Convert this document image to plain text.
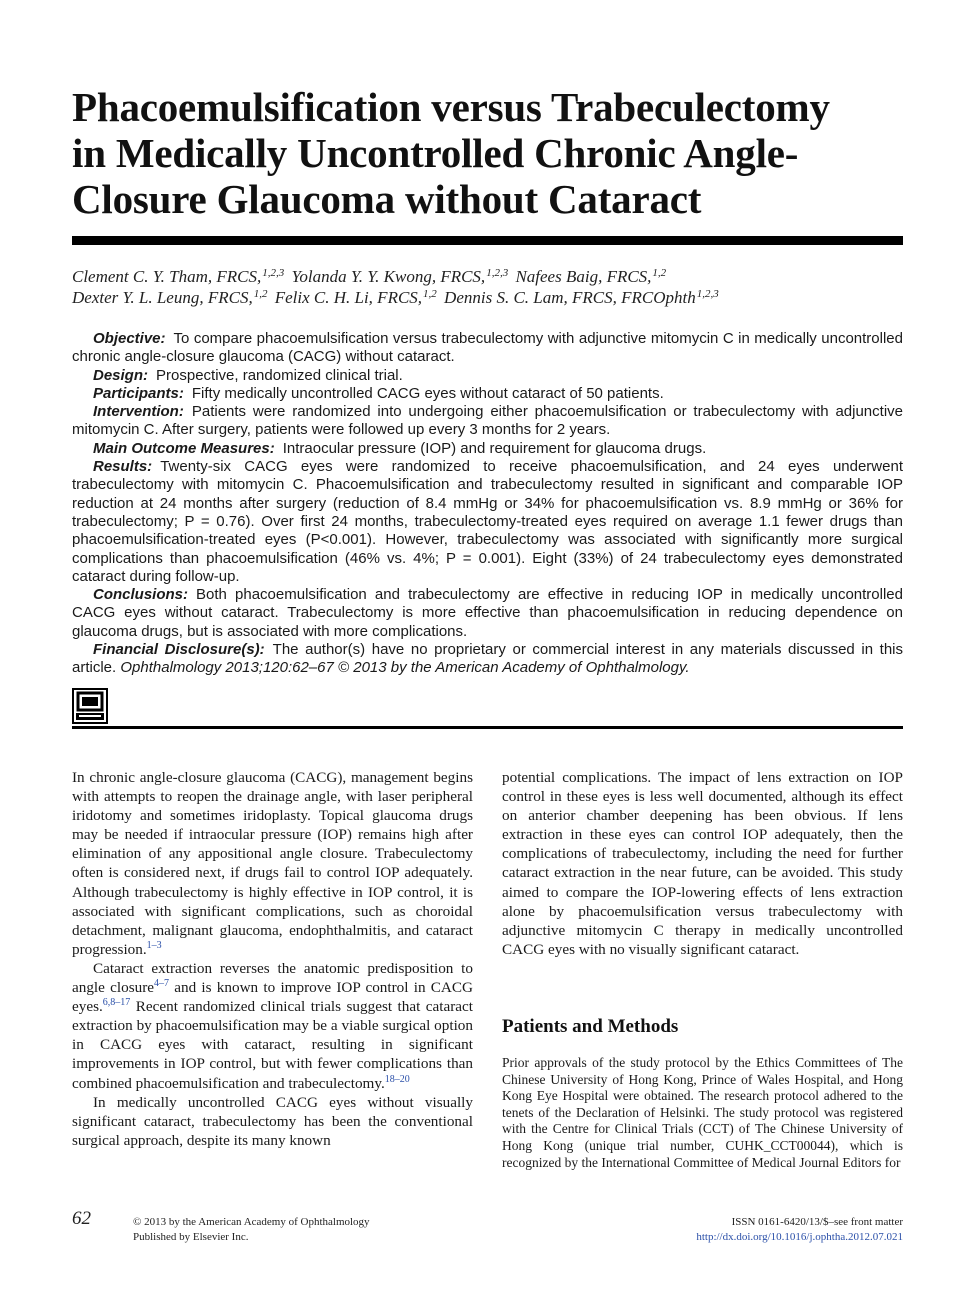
Phacoemulsification versus Trabeculectomy
in Medically Uncontrolled Chronic Angle-
Closure Glaucoma without Cataract
Clement C. Y. Tham, FRCS,$^{1,2,3}$ Yolanda Y. Y. Kwong, FRCS,$^{1,2,3}$ Nafees Baig, FRCS,$^{1,2}$
Dexter Y. L. Leung, FRCS,$^{1,2}$ Felix C. H. Li, FRCS,$^{1,2}$ Dennis S. C. Lam, FRCS, FRCOphth$^{1,2,3}$

Objective: To compare phacoemulsification versus trabeculectomy with adjunctive mitomycin C in medically uncontrolled chronic angle-closure glaucoma (CACG) without cataract.

Design: Prospective, randomized clinical trial.

Participants: Fifty medically uncontrolled CACG eyes without cataract of 50 patients.

Intervention: Patients were randomized into undergoing either phacoemulsification or trabeculectomy with adjunctive mitomycin C. After surgery, patients were followed up every 3 months for 2 years.

Main Outcome Measures: Intraocular pressure (IOP) and requirement for glaucoma drugs.

Results: Twenty-six CACG eyes were randomized to receive phacoemulsification, and 24 eyes underwent trabeculectomy with mitomycin C. Phacoemulsification and trabeculectomy resulted in significant and comparable IOP reduction at 24 months after surgery (reduction of 8.4 mmHg or 34% for phacoemulsification vs. 8.9 mmHg or 36% for trabeculectomy; P = 0.76). Over first 24 months, trabeculectomy-treated eyes required on average 1.1 fewer drugs than phacoemulsification-treated eyes (P<0.001). However, trabeculectomy was associated with significantly more surgical complications than phacoemulsification (46% vs. 4%; P = 0.001). Eight (33%) of 24 trabeculectomy eyes demonstrated cataract during follow-up.

Conclusions: Both phacoemulsification and trabeculectomy are effective in reducing IOP in medically uncontrolled CACG eyes without cataract. Trabeculectomy is more effective than phacoemulsification in reducing dependence on glaucoma drugs, but is associated with more complications.

Financial Disclosure(s): The author(s) have no proprietary or commercial interest in any materials discussed in this article. Ophthalmology 2013;120:62–67 © 2013 by the American Academy of Ophthalmology.

In chronic angle-closure glaucoma (CACG), management begins with attempts to reopen the drainage angle, with laser peripheral iridotomy and sometimes iridoplasty. Topical glaucoma drugs may be needed if intraocular pressure (IOP) remains high after elimination of any appositional angle closure. Trabeculectomy often is considered next, if drugs fail to control IOP adequately. Although trabeculectomy is highly effective in IOP control, it is associated with significant complications, such as choroidal detachment, malignant glaucoma, endophthalmitis, and cataract progression.$^{1-3}$

Cataract extraction reverses the anatomic predisposition to angle closure$^{4-7}$ and is known to improve IOP control in CACG eyes.$^{6,8-17}$ Recent randomized clinical trials suggest that cataract extraction by phacoemulsification may be a viable surgical option in CACG eyes with cataract, resulting in significant improvements in IOP control, but with fewer complications than combined phacoemulsification and trabeculectomy.$^{18-20}$

In medically uncontrolled CACG eyes without visually significant cataract, trabeculectomy has been the conventional surgical approach, despite its many known

potential complications. The impact of lens extraction on IOP control in these eyes is less well documented, although its effect on anterior chamber deepening has been obvious. If lens extraction in these eyes can control IOP adequately, then the complications of trabeculectomy, including the need for further cataract extraction in the near future, can be avoided. This study aimed to compare the IOP-lowering effects of lens extraction alone by phacoemulsification versus trabeculectomy with adjunctive mitomycin C therapy in medically uncontrolled CACG eyes with no visually significant cataract.

Patients and Methods

Prior approvals of the study protocol by the Ethics Committees of The Chinese University of Hong Kong, Prince of Wales Hospital, and Hong Kong Eye Hospital were obtained. The research protocol adhered to the tenets of the Declaration of Helsinki. The study protocol was registered with the Centre for Clinical Trials (CCT) of The Chinese University of Hong Kong (unique trial number, CUHK_CCT00044), which is recognized by the International Committee of Medical Journal Editors for

62	© 2013 by the American Academy of Ophthalmology
Published by Elsevier Inc.
ISSN 0161-6420/13/$–see front matter
http://dx.doi.org/10.1016/j.ophtha.2012.07.021
